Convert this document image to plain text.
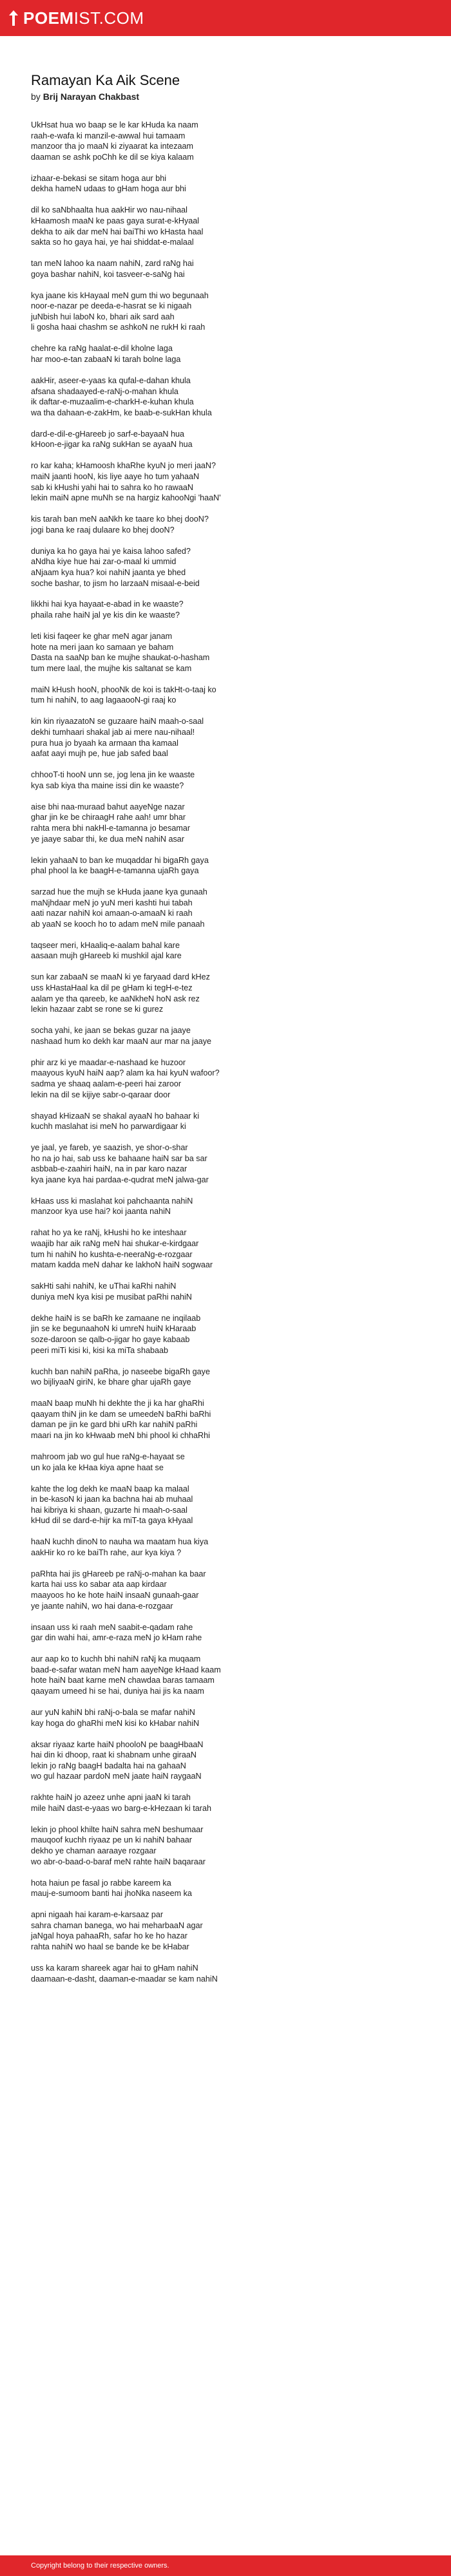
POEM IST.COM
Ramayan Ka Aik Scene

by Brij Narayan Chakbast

UkHsat hua wo baap se le kar kHuda ka naam
raah-e-wafa ki manzil-e-awwal hui tamaam
manzoor tha jo maaN ki ziyaarat ka intezaam
daaman se ashk poChh ke dil se kiya kalaam
izhaar-e-bekasi se sitam hoga aur bhi
dekha hameN udaas to gHam hoga aur bhi
dil ko saNbhaalta hua aakHir wo nau-nihaal
kHaamosh maaN ke paas gaya surat-e-kHyaal
dekha to aik dar meN hai baiThi wo kHasta haal
sakta so ho gaya hai, ye hai shiddat-e-malaal
tan meN lahoo ka naam nahiN, zard raNg hai
goya bashar nahiN, koi tasveer-e-saNg hai
kya jaane kis kHayaal meN gum thi wo begunaah
noor-e-nazar pe deeda-e-hasrat se ki nigaah
juNbish hui laboN ko, bhari aik sard aah
li gosha haai chashm se ashkoN ne rukH ki raah
chehre ka raNg haalat-e-dil kholne laga
har moo-e-tan zabaaN ki tarah bolne laga
aakHir, aseer-e-yaas ka qufal-e-dahan khula
afsana shadaayed-e-raNj-o-mahan khula
ik daftar-e-muzaalim-e-charkH-e-kuhan khula
wa tha dahaan-e-zakHm, ke baab-e-sukHan khula
dard-e-dil-e-gHareeb jo sarf-e-bayaaN hua
kHoon-e-jigar ka raNg sukHan se ayaaN hua
ro kar kaha; kHamoosh khaRhe kyuN jo meri jaaN?
maiN jaanti hooN, kis liye aaye ho tum yahaaN
sab ki kHushi yahi hai to sahra ko ho rawaaN
lekin maiN apne muNh se na hargiz kahooNgi 'haaN'
kis tarah ban meN aaNkh ke taare ko bhej dooN?
jogi bana ke raaj dulaare ko bhej dooN?
duniya ka ho gaya hai ye kaisa lahoo safed?
aNdha kiye hue hai zar-o-maal ki ummid
aNjaam kya hua? koi nahiN jaanta ye bhed
soche bashar, to jism ho larzaaN misaal-e-beid
likkhi hai kya hayaat-e-abad in ke waaste?
phaila rahe haiN jal ye kis din ke waaste?
leti kisi faqeer ke ghar meN agar janam
hote na meri jaan ko samaan ye baham
Dasta na saaNp ban ke mujhe shaukat-o-hasham
tum mere laal, the mujhe kis saltanat se kam
maiN kHush hooN, phooNk de koi is takHt-o-taaj ko
tum hi nahiN, to aag lagaaooN-gi raaj ko
kin kin riyaazatoN se guzaare haiN maah-o-saal
dekhi tumhaari shakal jab ai mere nau-nihaal!
pura hua jo byaah ka armaan tha kamaal
aafat aayi mujh pe, hue jab safed baal
chhooT-ti hooN unn se, jog lena jin ke waaste
kya sab kiya tha maine issi din ke waaste?
aise bhi naa-muraad bahut aayeNge nazar
ghar jin ke be chiraagH rahe aah! umr bhar
rahta mera bhi nakHl-e-tamanna jo besamar
ye jaaye sabar thi, ke dua meN nahiN asar
lekin yahaaN to ban ke muqaddar hi bigaRh gaya
phal phool la ke baagH-e-tamanna ujaRh gaya
sarzad hue the mujh se kHuda jaane kya gunaah
maNjhdaar meN jo yuN meri kashti hui tabah
aati nazar nahiN koi amaan-o-amaaN ki raah
ab yaaN se kooch ho to adam meN mile panaah
taqseer meri, kHaaliq-e-aalam bahal kare
aasaan mujh gHareeb ki mushkil ajal kare
sun kar zabaaN se maaN ki ye faryaad dard kHez
uss kHastaHaal ka dil pe gHam ki tegH-e-tez
aalam ye tha qareeb, ke aaNkheN hoN ask rez
lekin hazaar zabt se rone se ki gurez
socha yahi, ke jaan se bekas guzar na jaaye
nashaad hum ko dekh kar maaN aur mar na jaaye
phir arz ki ye maadar-e-nashaad ke huzoor
maayous kyuN haiN aap? alam ka hai kyuN wafoor?
sadma ye shaaq aalam-e-peeri hai zaroor
lekin na dil se kijiye sabr-o-qaraar door
shayad kHizaaN se shakal ayaaN ho bahaar ki
kuchh maslahat isi meN ho parwardigaar ki
ye jaal, ye fareb, ye saazish, ye shor-o-shar
ho na jo hai, sab uss ke bahaane haiN sar ba sar
asbbab-e-zaahiri haiN, na in par karo nazar
kya jaane kya hai pardaa-e-qudrat meN jalwa-gar
kHaas uss ki maslahat koi pahchaanta nahiN
manzoor kya use hai? koi jaanta nahiN
rahat ho ya ke raNj, kHushi ho ke inteshaar
waajib har aik raNg meN hai shukar-e-kirdgaar
tum hi nahiN ho kushta-e-neeraNg-e-rozgaar
matam kadda meN dahar ke lakhoN haiN sogwaar
sakHti sahi nahiN, ke uThai kaRhi nahiN
duniya meN kya kisi pe musibat paRhi nahiN
dekhe haiN is se baRh ke zamaane ne inqilaab
jin se ke begunaahoN ki umreN huiN kHaraab
soze-daroon se qalb-o-jigar ho gaye kabaab
peeri miTi kisi ki, kisi ka miTa shabaab
kuchh ban nahiN paRha, jo naseebe bigaRh gaye
wo bijliyaaN giriN, ke bhare ghar ujaRh gaye
maaN baap muNh hi dekhte the ji ka har ghaRhi
qaayam thiN jin ke dam se umeedeN baRhi baRhi
daman pe jin ke gard bhi uRh kar nahiN paRhi
maari na jin ko kHwaab meN bhi phool ki chhaRhi
mahroom jab wo gul hue raNg-e-hayaat se
un ko jala ke kHaa kiya apne haat se
kahte the log dekh ke maaN baap ka malaal
in be-kasoN ki jaan ka bachna hai ab muhaal
hai kibriya ki shaan, guzarte hi maah-o-saal
kHud dil se dard-e-hijr ka miT-ta gaya kHyaal
haaN kuchh dinoN to nauha wa maatam hua kiya
aakHir ko ro ke baiTh rahe, aur kya kiya ?
paRhta hai jis gHareeb pe raNj-o-mahan ka baar
karta hai uss ko sabar ata aap kirdaar
maayoos ho ke hote haiN insaaN gunaah-gaar
ye jaante nahiN, wo hai dana-e-rozgaar
insaan uss ki raah meN saabit-e-qadam rahe
gar din wahi hai, amr-e-raza meN jo kHam rahe
aur aap ko to kuchh bhi nahiN raNj ka muqaam
baad-e-safar watan meN ham aayeNge kHaad kaam
hote haiN baat karne meN chawdaa baras tamaam
qaayam umeed hi se hai, duniya hai jis ka naam
aur yuN kahiN bhi raNj-o-bala se mafar nahiN
kay hoga do ghaRhi meN kisi ko kHabar nahiN
aksar riyaaz karte haiN phooloN pe baagHbaaN
hai din ki dhoop, raat ki shabnam unhe giraaN
lekin jo raNg baagH badalta hai na gahaaN
wo gul hazaar pardoN meN jaate haiN raygaaN
rakhte haiN jo azeez unhe apni jaaN ki tarah
mile haiN dast-e-yaas wo barg-e-kHezaan ki tarah
lekin jo phool khilte haiN sahra meN beshumaar
mauqoof kuchh riyaaz pe un ki nahiN bahaar
dekho ye chaman aaraaye rozgaar
wo abr-o-baad-o-baraf meN rahte haiN baqaraar
hota haiun pe fasal jo rabbe kareem ka
mauj-e-sumoom banti hai jhoNka naseem ka
apni nigaah hai karam-e-karsaaz par
sahra chaman banega, wo hai meharbaaN agar
jaNgal hoya pahaaRh, safar ho ke ho hazar
rahta nahiN wo haal se bande ke be kHabar
uss ka karam shareek agar hai to gHam nahiN
daamaan-e-dasht, daaman-e-maadar se kam nahiN
Copyright belong to their respective owners.
